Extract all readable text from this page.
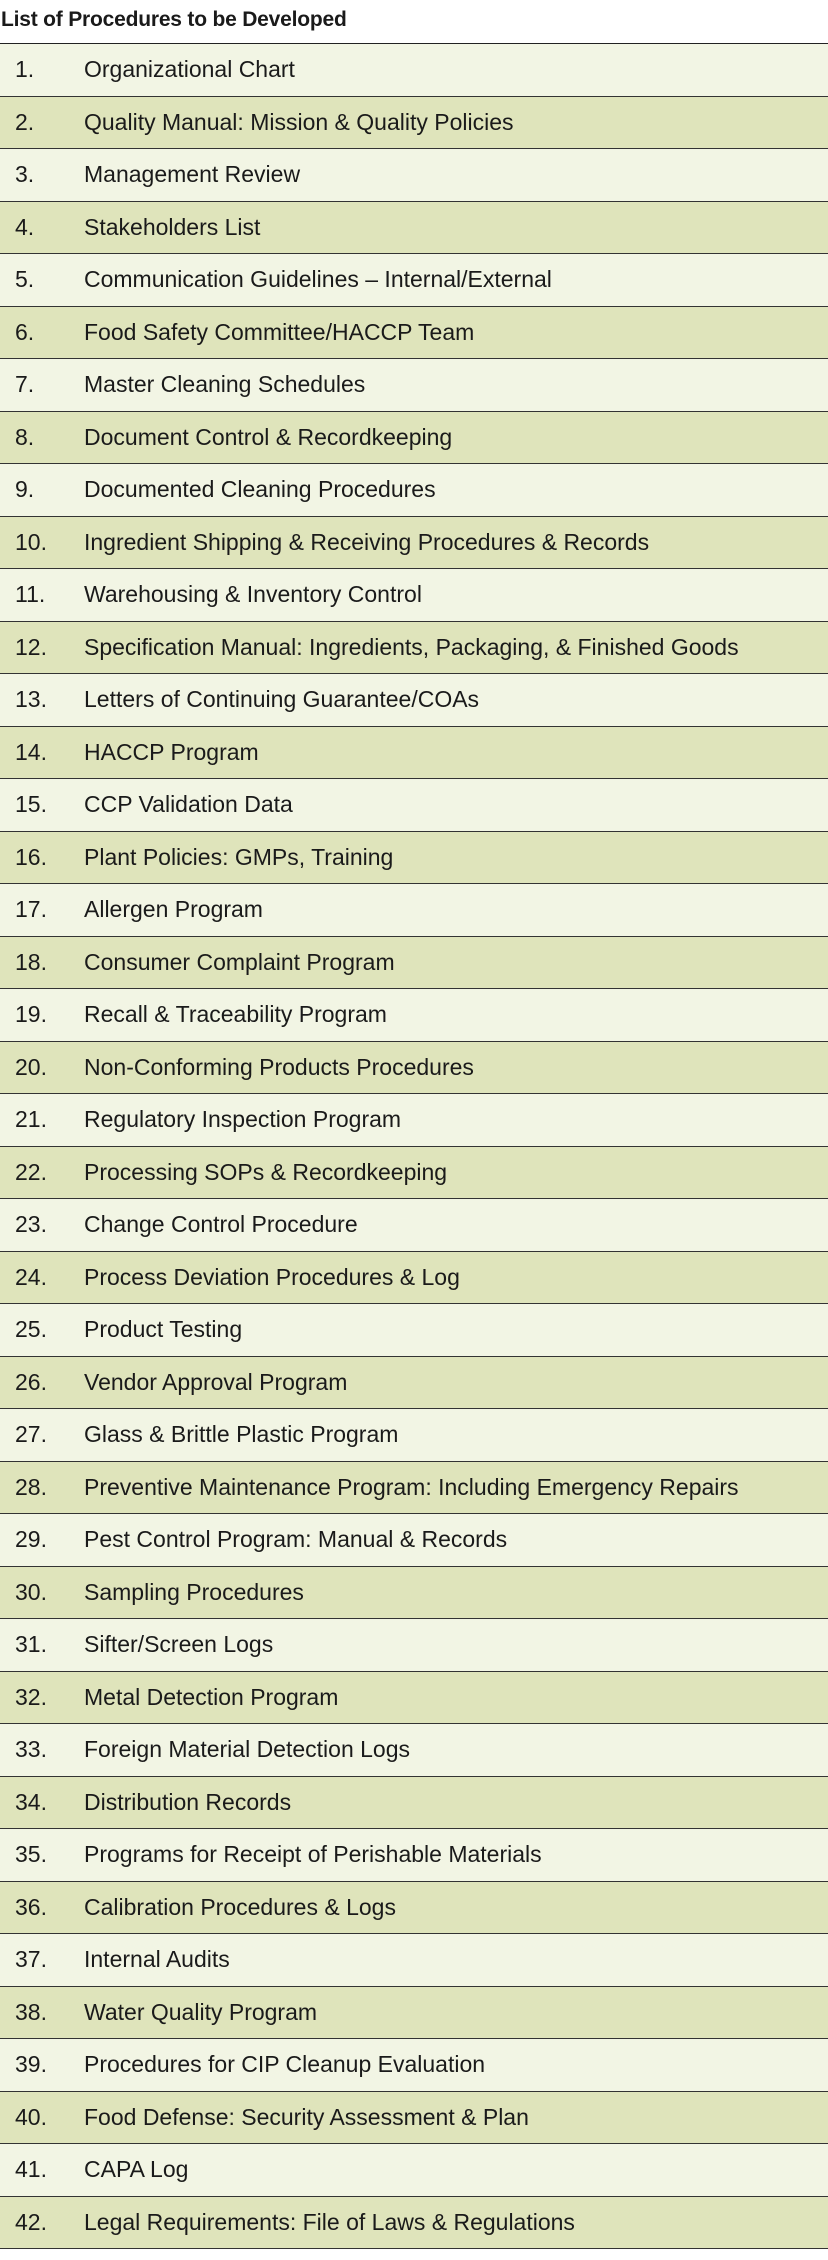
List of Procedures to be Developed
1.	Organizational Chart
2.	Quality Manual: Mission & Quality Policies
3.	Management Review
4.	Stakeholders List
5.	Communication Guidelines – Internal/External
6.	Food Safety Committee/HACCP Team
7.	Master Cleaning Schedules
8.	Document Control & Recordkeeping
9.	Documented Cleaning Procedures
10.	Ingredient Shipping & Receiving Procedures & Records
11.	Warehousing & Inventory Control
12.	Specification Manual: Ingredients, Packaging, & Finished Goods
13.	Letters of Continuing Guarantee/COAs
14.	HACCP Program
15.	CCP Validation Data
16.	Plant Policies: GMPs, Training
17.	Allergen Program
18.	Consumer Complaint Program
19.	Recall & Traceability Program
20.	Non-Conforming Products Procedures
21.	Regulatory Inspection Program
22.	Processing SOPs & Recordkeeping
23.	Change Control Procedure
24.	Process Deviation Procedures & Log
25.	Product Testing
26.	Vendor Approval Program
27.	Glass & Brittle Plastic Program
28.	Preventive Maintenance Program: Including Emergency Repairs
29.	Pest Control Program: Manual & Records
30.	Sampling Procedures
31.	Sifter/Screen Logs
32.	Metal Detection Program
33.	Foreign Material Detection Logs
34.	Distribution Records
35.	Programs for Receipt of Perishable Materials
36.	Calibration Procedures & Logs
37.	Internal Audits
38.	Water Quality Program
39.	Procedures for CIP Cleanup Evaluation
40.	Food Defense: Security Assessment & Plan
41.	CAPA Log
42.	Legal Requirements: File of Laws & Regulations
